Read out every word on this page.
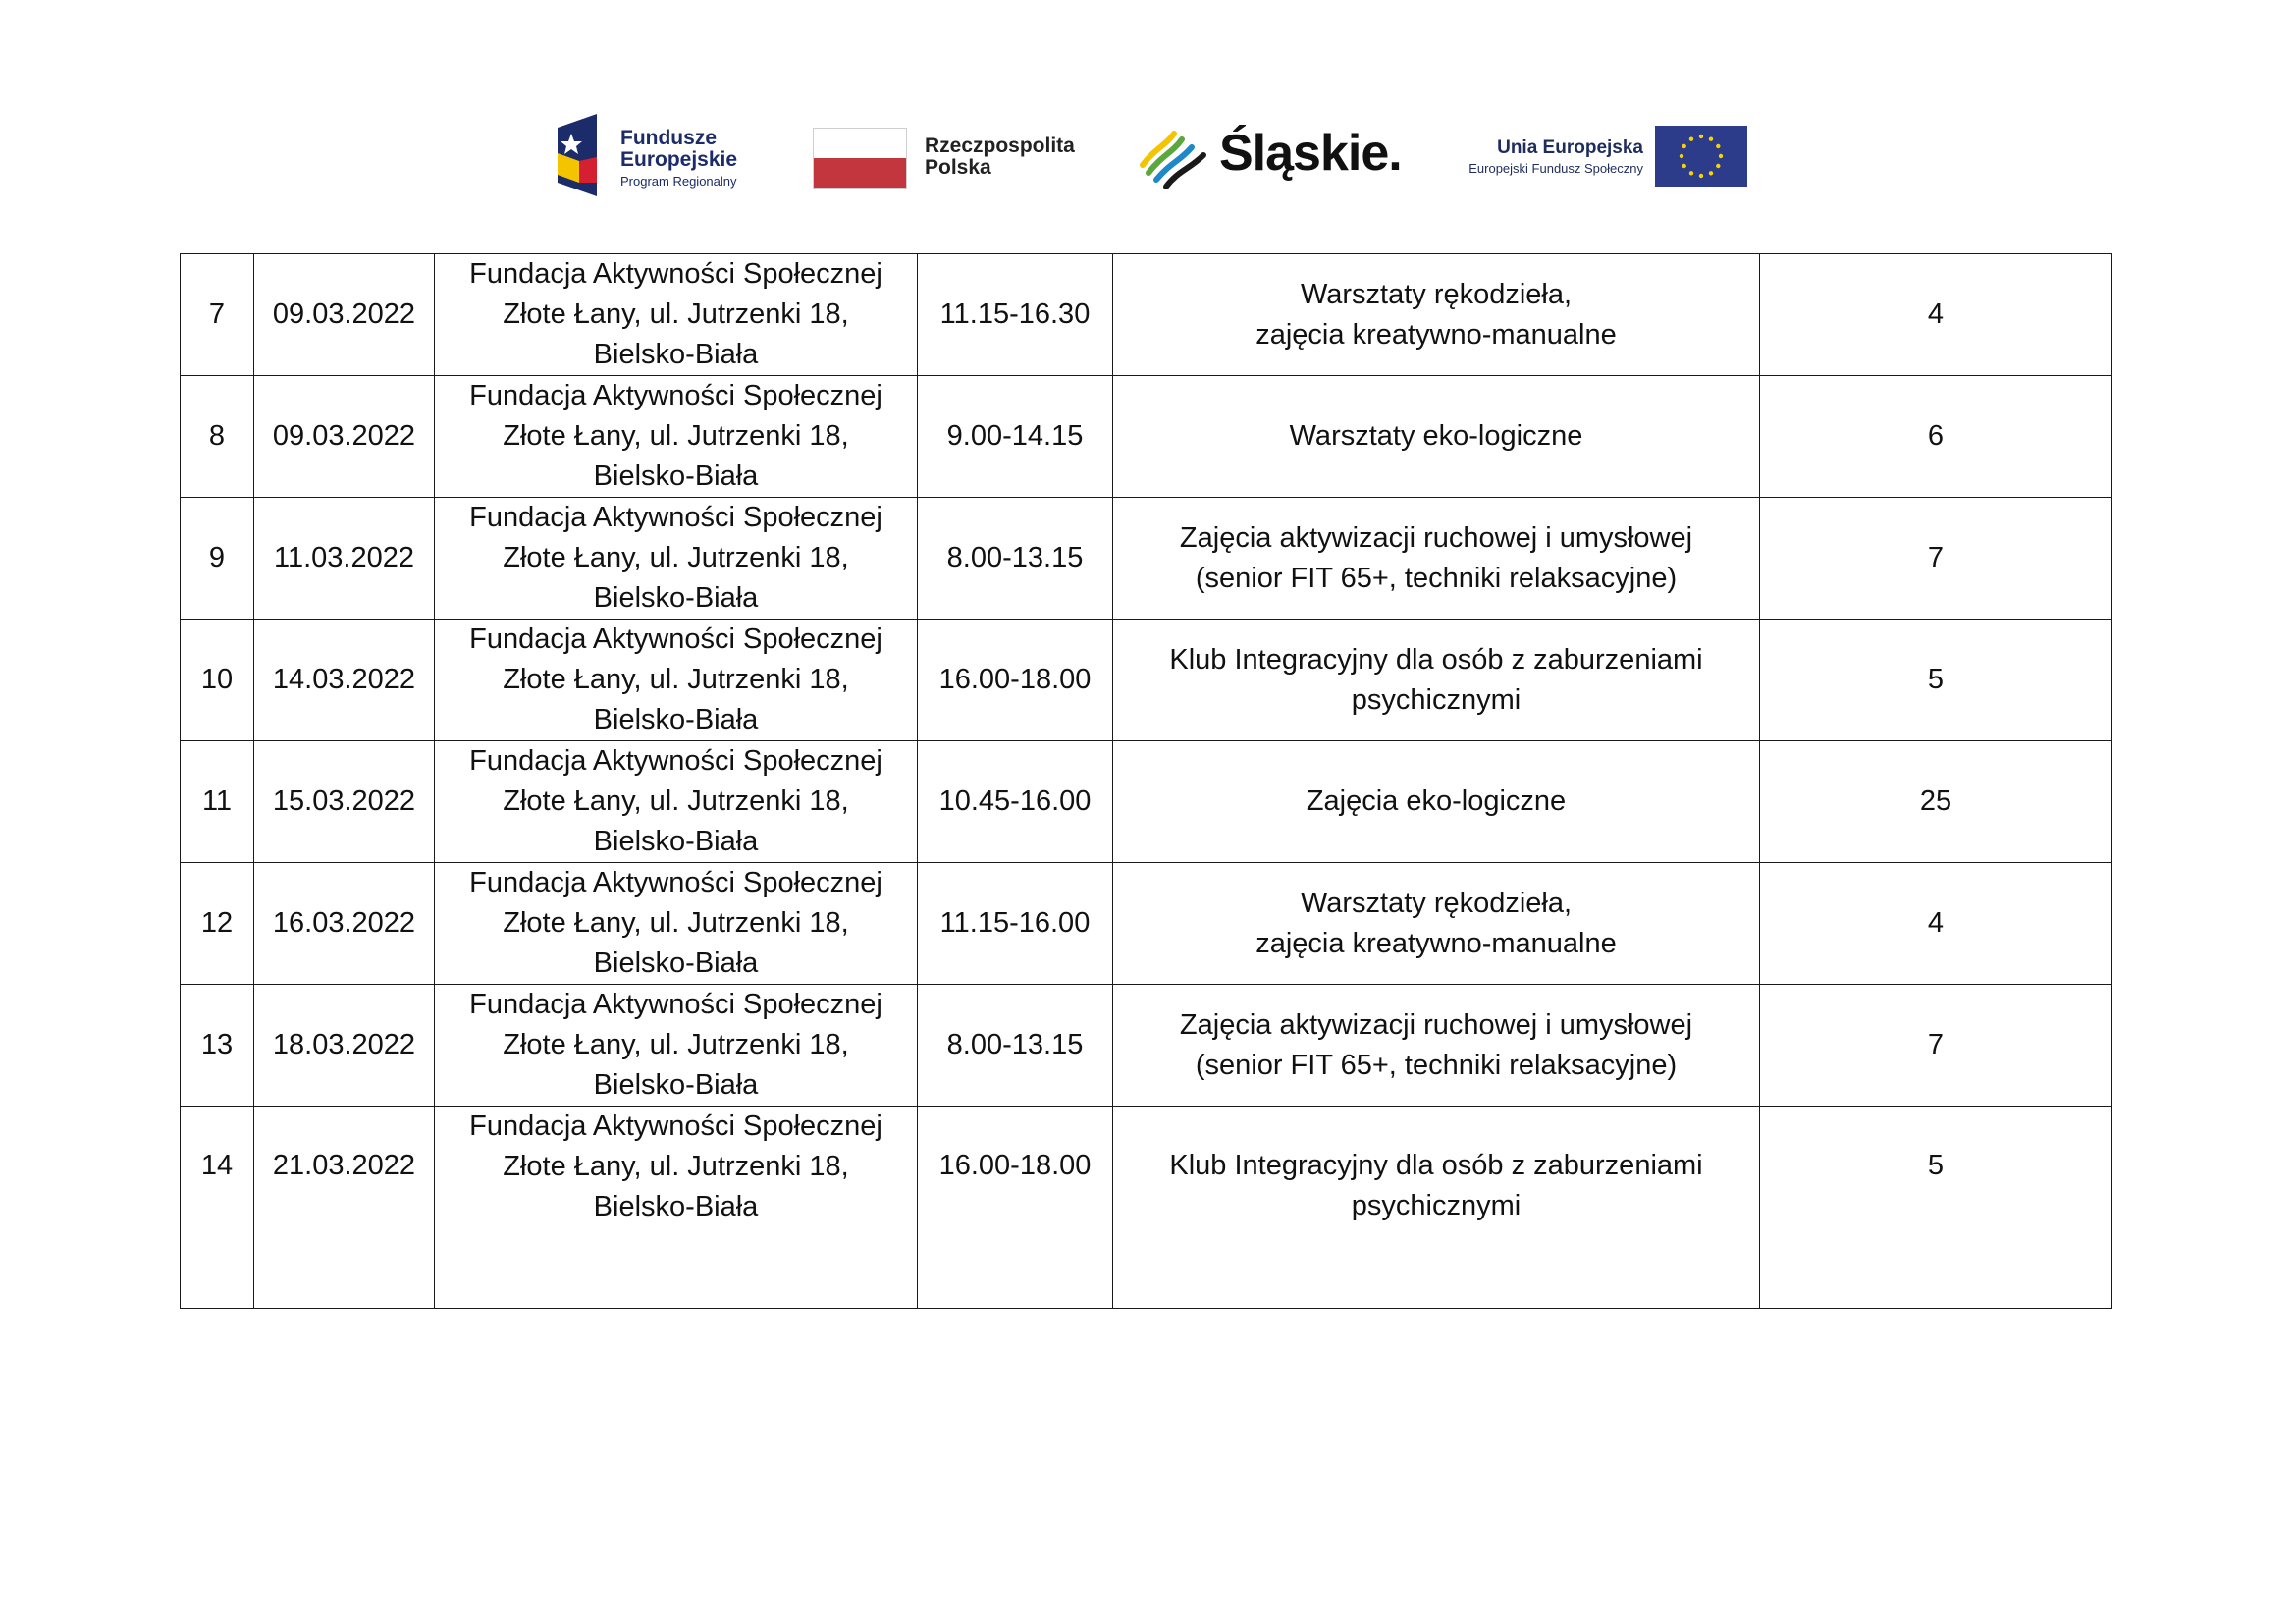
Fundusze
Europejskie
Program Regionalny
Rzeczpospolita
Polska	Śląskie.	Unia Europejska
Europejski Fundusz Społeczny
7	09.03.2022	Fundacja Aktywności Społecznej
Złote Łany, ul. Jutrzenki 18,
Bielsko-Biała	11.15-16.30	Warsztaty rękodzieła,
zajęcia kreatywno-manualne	4
8	09.03.2022	Fundacja Aktywności Społecznej
Złote Łany, ul. Jutrzenki 18,
Bielsko-Biała	9.00-14.15	Warsztaty eko-logiczne	6
9	11.03.2022	Fundacja Aktywności Społecznej
Złote Łany, ul. Jutrzenki 18,
Bielsko-Biała	8.00-13.15	Zajęcia aktywizacji ruchowej i umysłowej
(senior FIT 65+, techniki relaksacyjne)	7
10	14.03.2022	Fundacja Aktywności Społecznej
Złote Łany, ul. Jutrzenki 18,
Bielsko-Biała	16.00-18.00	Klub Integracyjny dla osób z zaburzeniami
psychicznymi	5
11	15.03.2022	Fundacja Aktywności Społecznej
Złote Łany, ul. Jutrzenki 18,
Bielsko-Biała	10.45-16.00	Zajęcia eko-logiczne	25
12	16.03.2022	Fundacja Aktywności Społecznej
Złote Łany, ul. Jutrzenki 18,
Bielsko-Biała	11.15-16.00	Warsztaty rękodzieła,
zajęcia kreatywno-manualne	4
13	18.03.2022	Fundacja Aktywności Społecznej
Złote Łany, ul. Jutrzenki 18,
Bielsko-Biała	8.00-13.15	Zajęcia aktywizacji ruchowej i umysłowej
(senior FIT 65+, techniki relaksacyjne)	7
14	21.03.2022	Fundacja Aktywności Społecznej
Złote Łany, ul. Jutrzenki 18,
Bielsko-Biała	16.00-18.00	Klub Integracyjny dla osób z zaburzeniami
psychicznymi	5
